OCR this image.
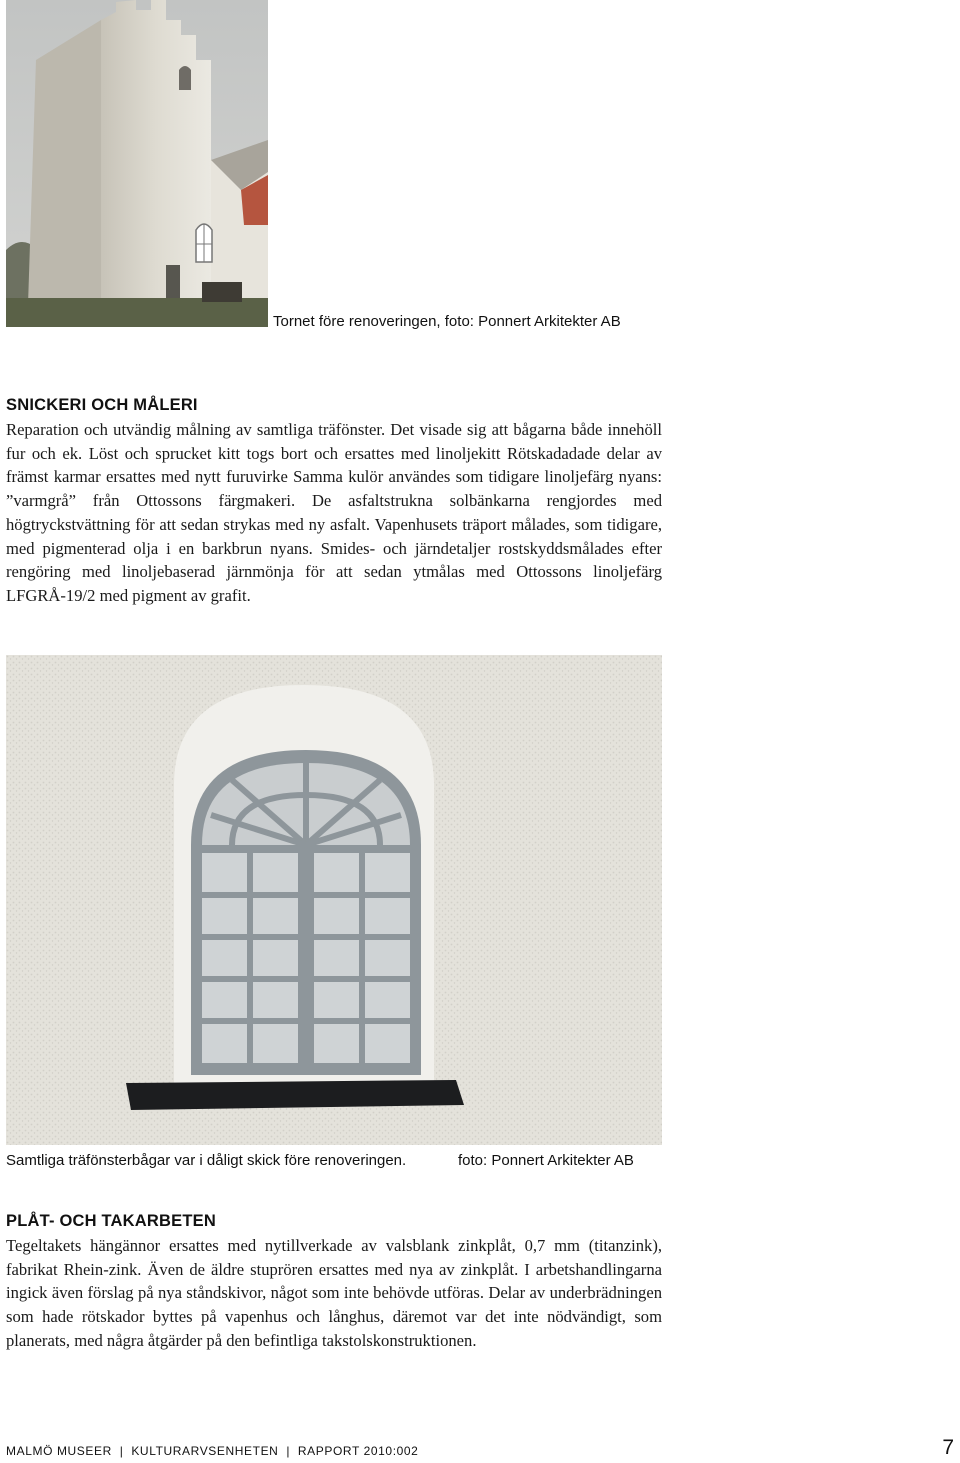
Tornet före renoveringen, foto: Ponnert Arkitekter AB
SNICKERI OCH MÅLERI

Reparation och utvändig målning av samtliga träfönster. Det visade sig att bågarna både innehöll fur och ek. Löst och sprucket kitt togs bort och ersattes med linoljekitt Rötskadadade delar av främst karmar ersattes med nytt furuvirke Samma kulör användes som tidigare linoljefärg nyans: ”varmgrå” från Ottossons färgmakeri. De asfaltstrukna solbänkarna rengjordes med högtryckstvättning för att sedan strykas med ny asfalt. Vapenhusets träport målades, som tidigare, med pigmenterad olja i en barkbrun nyans. Smides- och järndetaljer rostskyddsmålades efter rengöring med linoljebaserad järnmönja för att sedan ytmålas med Ottossons linoljefärg LFGRÅ-19/2 med pigment av grafit.

Samtliga träfönsterbågar var i dåligt skick före renoveringen.	foto: Ponnert Arkitekter AB
PLÅT- OCH TAKARBETEN

Tegeltakets hängännor ersattes med nytillverkade av valsblank zinkplåt, 0,7 mm (titanzink), fabrikat Rhein-zink. Även de äldre stuprören ersattes med nya av zinkplåt. I arbetshandlingarna ingick även förslag på nya ståndskivor, något som inte behövde utföras. Delar av underbrädningen som hade rötskador byttes på vapenhus och långhus, däremot var det inte nödvändigt, som planerats, med några åtgärder på den befintliga takstolskonstruktionen.

MALMÖ MUSEER  |  KULTURARVSENHETEN  |  RAPPORT 2010:002	7
